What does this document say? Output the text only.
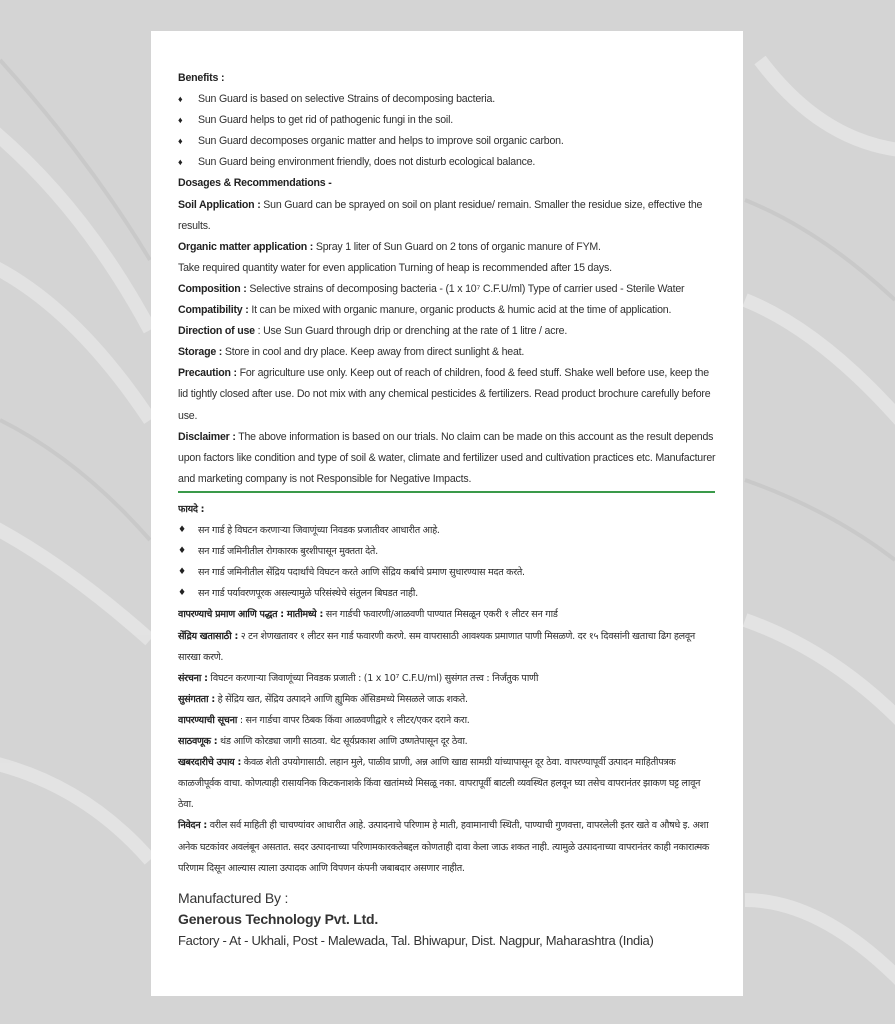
Benefits :
♦	Sun Guard is based on selective Strains of decomposing bacteria.
♦	Sun Guard helps to get rid of pathogenic fungi in the soil.
♦	Sun Guard decomposes organic matter and helps to improve soil organic carbon.
♦	Sun Guard being environment friendly, does not disturb ecological balance.
Dosages & Recommendations -
Soil Application : Sun Guard can be sprayed on soil on plant residue/ remain. Smaller the residue size, effective the results.
Organic matter application : Spray 1 liter of Sun Guard on 2 tons of organic manure of FYM.
Take required quantity water for even application Turning of heap is recommended after 15 days.
Composition : Selective strains of decomposing bacteria - (1 x 10⁷ C.F.U/ml) Type of carrier used - Sterile Water
Compatibility : It can be mixed with organic manure, organic products & humic acid at the time of application.
Direction of use : Use Sun Guard through drip or drenching at the rate of 1 litre / acre.
Storage : Store in cool and dry place. Keep away from direct sunlight & heat.
Precaution : For agriculture use only. Keep out of reach of children, food & feed stuff. Shake well before use, keep the lid tightly closed after use. Do not mix with any chemical pesticides & fertilizers. Read product brochure carefully before use.
Disclaimer : The above information is based on our trials. No claim can be made on this account as the result depends upon factors like condition and type of soil & water, climate and fertilizer used and cultivation practices etc. Manufacturer and marketing company is not Responsible for Negative Impacts.
फायदे :
♦	सन गार्ड हे विघटन करणाऱ्या जिवाणूंच्या निवडक प्रजातीवर आधारीत आहे.
♦	सन गार्ड जमिनीतील रोगकारक बुरशीपासून मुक्तता देते.
♦	सन गार्ड जमिनीतील सेंद्रिय पदार्थांचे विघटन करते आणि सेंद्रिय कर्बाचे प्रमाण सुधारण्यास मदत करते.
♦	सन गार्ड पर्यावरणपूरक असल्यामुळे परिसंस्थेचे संतुलन बिघडत नाही.
वापरण्याचे प्रमाण आणि पद्धत : मातीमध्ये : सन गार्डची फवारणी/आळवणी पाण्यात मिसळून एकरी १ लीटर सन गार्ड
सेंद्रिय खतासाठी : २ टन शेणखतावर १ लीटर सन गार्ड फवारणी करणे. सम वापरासाठी आवश्यक प्रमाणात पाणी मिसळणे. दर १५ दिवसांनी खताचा ढिग हलवून सारखा करणे.
संरचना : विघटन करणाऱ्या जिवाणूंच्या निवडक प्रजाती : (1 x 10⁷ C.F.U/ml) सुसंगत तत्त्व : निर्जंतुक पाणी
सुसंगतता : हे सेंद्रिय खत, सेंद्रिय उत्पादने आणि ह्युमिक ॲसिडमध्ये मिसळले जाऊ शकते.
वापरण्याची सूचना : सन गार्डचा वापर ठिबक किंवा आळवणीद्वारे १ लीटर/एकर दराने करा.
साठवणूक : थंड आणि कोरड्या जागी साठवा. थेट सूर्यप्रकाश आणि उष्णतेपासून दूर ठेवा.
खबरदारीचे उपाय : केवळ शेती उपयोगासाठी. लहान मुले, पाळीव प्राणी, अन्न आणि खाद्य सामग्री यांच्यापासून दूर ठेवा. वापरण्यापूर्वी उत्पादन माहितीपत्रक काळजीपूर्वक वाचा. कोणत्याही रासायनिक किटकनाशके किंवा खतांमध्ये मिसळू नका. वापरापूर्वी बाटली व्यवस्थित हलवून घ्या तसेच वापरानंतर झाकण घट्ट लावून ठेवा.
निवेदन : वरील सर्व माहिती ही चाचण्यांवर आधारीत आहे. उत्पादनाचे परिणाम हे माती, हवामानाची स्थिती, पाण्याची गुणवत्ता, वापरलेली इतर खते व औषधे इ. अशा अनेक घटकांवर अवलंबून असतात. सदर उत्पादनाच्या परिणामकारकतेबद्दल कोणताही दावा केला जाऊ शकत नाही. त्यामुळे उत्पादनाच्या वापरानंतर काही नकारात्मक परिणाम दिसून आल्यास त्याला उत्पादक आणि विपणन कंपनी जबाबदार असणार नाहीत.
Manufactured By :
Generous Technology Pvt. Ltd.
Factory - At - Ukhali, Post - Malewada, Tal. Bhiwapur, Dist. Nagpur, Maharashtra (India)
